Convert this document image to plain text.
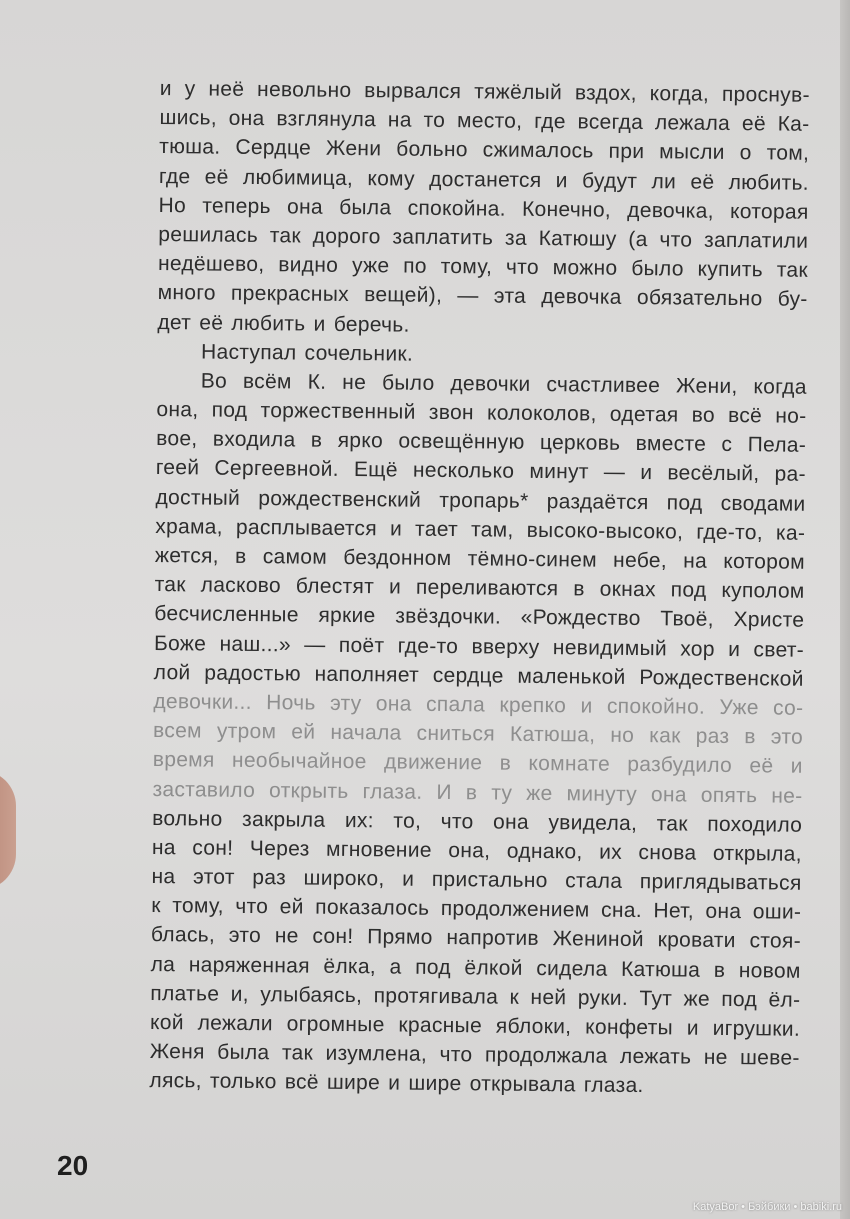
и у неё невольно вырвался тяжёлый вздох, когда, проснув-
шись, она взглянула на то место, где всегда лежала её Ка-
тюша. Сердце Жени больно сжималось при мысли о том,
где её любимица, кому достанется и будут ли её любить.
Но теперь она была спокойна. Конечно, девочка, которая
решилась так дорого заплатить за Катюшу (а что заплатили
недёшево, видно уже по тому, что можно было купить так
много прекрасных вещей), — эта девочка обязательно бу-
дет её любить и беречь.
Наступал сочельник.
Во всём К. не было девочки счастливее Жени, когда
она, под торжественный звон колоколов, одетая во всё но-
вое, входила в ярко освещённую церковь вместе с Пела-
геей Сергеевной. Ещё несколько минут — и весёлый, ра-
достный рождественский тропарь* раздаётся под сводами
храма, расплывается и тает там, высоко-высоко, где-то, ка-
жется, в самом бездонном тёмно-синем небе, на котором
так ласково блестят и переливаются в окнах под куполом
бесчисленные яркие звёздочки. «Рождество Твоё, Христе
Боже наш...» — поёт где-то вверху невидимый хор и свет-
лой радостью наполняет сердце маленькой Рождественской
девочки... Ночь эту она спала крепко и спокойно. Уже со-
всем утром ей начала сниться Катюша, но как раз в это
время необычайное движение в комнате разбудило её и
заставило открыть глаза. И в ту же минуту она опять не-
вольно закрыла их: то, что она увидела, так походило
на сон! Через мгновение она, однако, их снова открыла,
на этот раз широко, и пристально стала приглядываться
к тому, что ей показалось продолжением сна. Нет, она оши-
блась, это не сон! Прямо напротив Жениной кровати стоя-
ла наряженная ёлка, а под ёлкой сидела Катюша в новом
платье и, улыбаясь, протягивала к ней руки. Тут же под ёл-
кой лежали огромные красные яблоки, конфеты и игрушки.
Женя была так изумлена, что продолжала лежать не шеве-
лясь, только всё шире и шире открывала глаза.
20
KatyaBor • Бэйбики • babiki.ru
